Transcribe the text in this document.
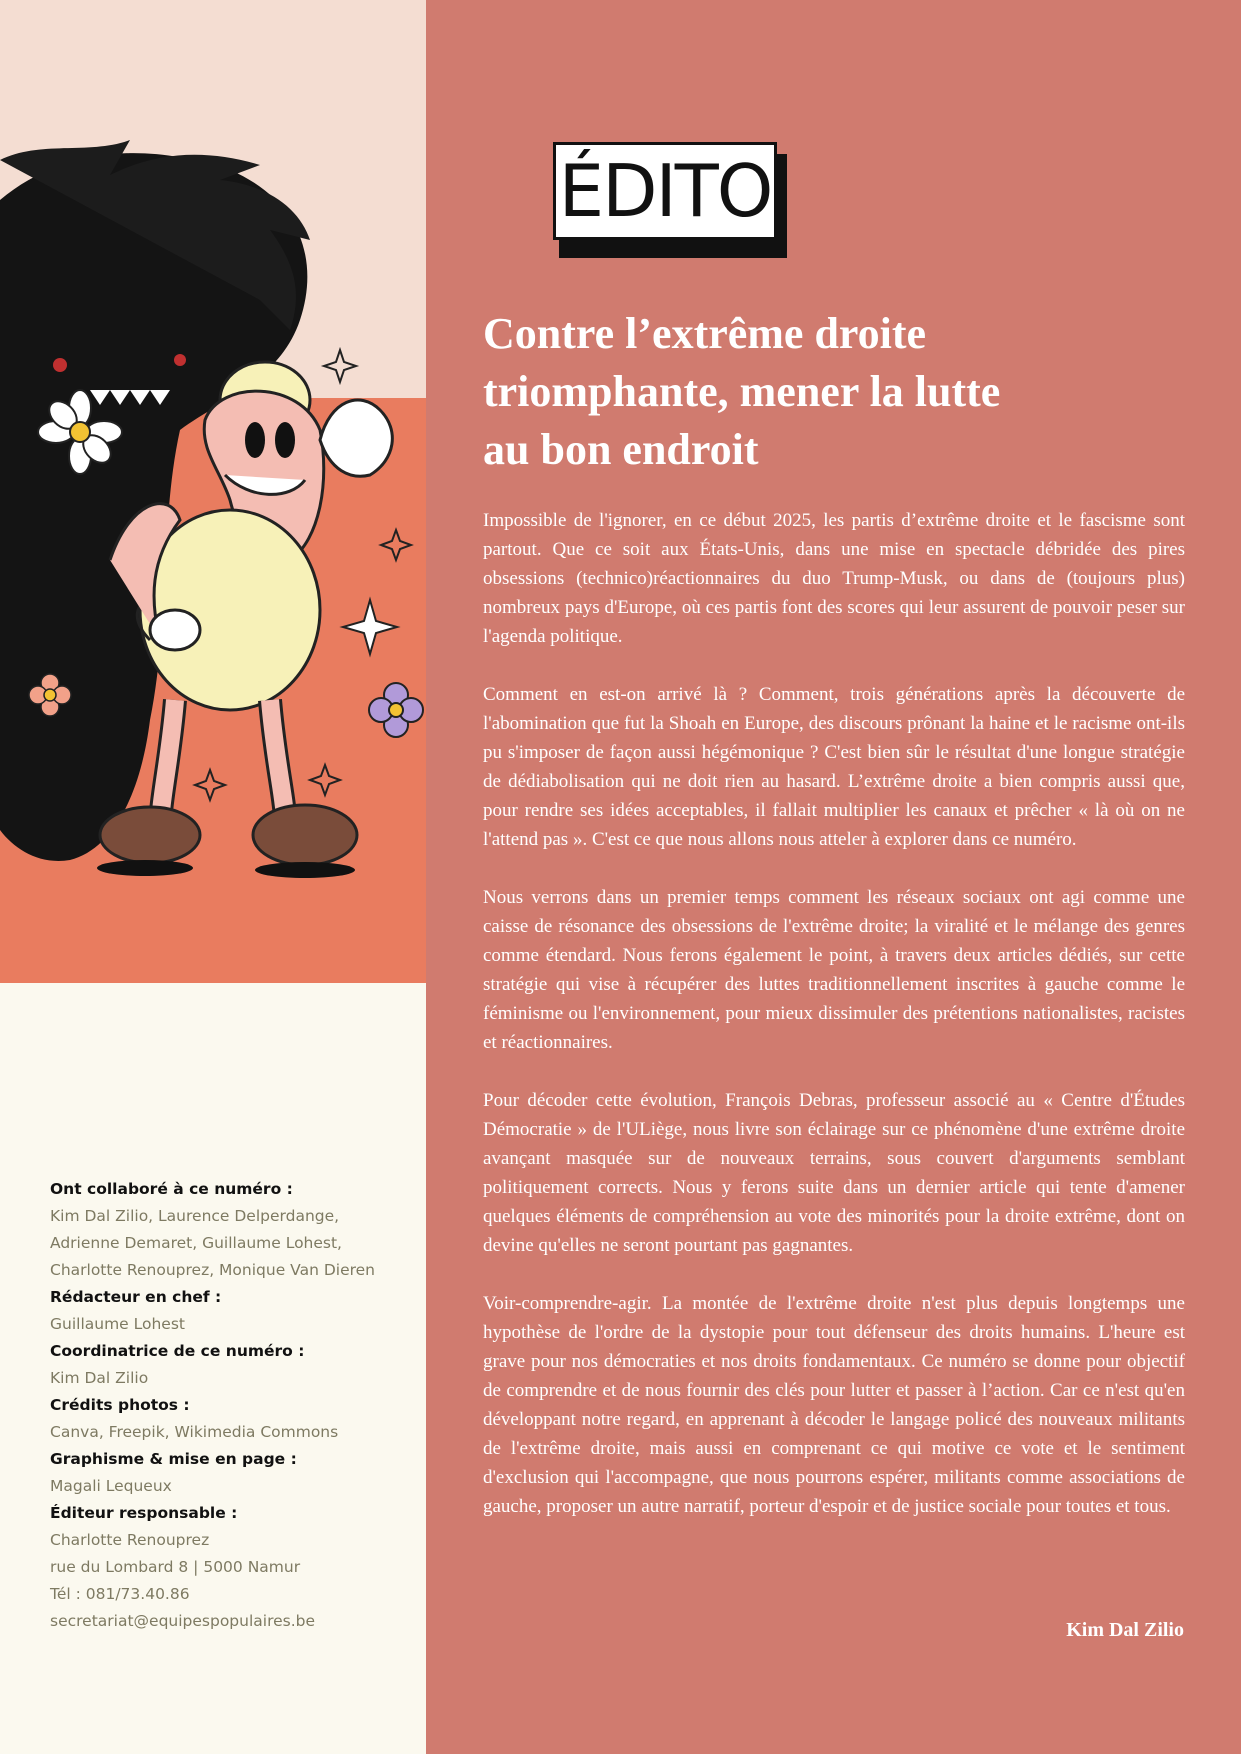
Ont collaboré à ce numéro :
Kim Dal Zilio, Laurence Delperdange,
Adrienne Demaret, Guillaume Lohest,
Charlotte Renouprez, Monique Van Dieren
Rédacteur en chef :
Guillaume Lohest
Coordinatrice de ce numéro :
Kim Dal Zilio
Crédits photos :
Canva, Freepik, Wikimedia Commons
Graphisme & mise en page :
Magali Lequeux
Éditeur responsable :
Charlotte Renouprez
rue du Lombard 8 | 5000 Namur
Tél : 081/73.40.86
secretariat@equipespopulaires.be
ÉDITO
Contre l’extrême droite
triomphante, mener la lutte
au bon endroit

Impossible de l'ignorer, en ce début 2025, les partis d’extrême droite et le fascisme sont partout. Que ce soit aux États-Unis, dans une mise en spectacle débridée des pires obsessions (technico)réactionnaires du duo Trump-Musk, ou dans de (toujours plus) nombreux pays d'Europe, où ces partis font des scores qui leur assurent de pouvoir peser sur l'agenda politique.

Comment en est-on arrivé là ? Comment, trois générations après la découverte de l'abomination que fut la Shoah en Europe, des discours prônant la haine et le racisme ont-ils pu s'imposer de façon aussi hégémonique ? C'est bien sûr le résultat d'une longue stratégie de dédiabolisation qui ne doit rien au hasard. L’extrême droite a bien compris aussi que, pour rendre ses idées acceptables, il fallait multiplier les canaux et prêcher « là où on ne l'attend pas ». C'est ce que nous allons nous atteler à explorer dans ce numéro.

Nous verrons dans un premier temps comment les réseaux sociaux ont agi comme une caisse de résonance des obsessions de l'extrême droite; la viralité et le mélange des genres comme étendard. Nous ferons également le point, à travers deux articles dédiés, sur cette stratégie qui vise à récupérer des luttes traditionnellement inscrites à gauche comme le féminisme ou l'environnement, pour mieux dissimuler des prétentions nationalistes, racistes et réactionnaires.

Pour décoder cette évolution, François Debras, professeur associé au « Centre d'Études Démocratie » de l'ULiège, nous livre son éclairage sur ce phénomène d'une extrême droite avançant masquée sur de nouveaux terrains, sous couvert d'arguments semblant politiquement corrects. Nous y ferons suite dans un dernier article qui tente d'amener quelques éléments de compréhension au vote des minorités pour la droite extrême, dont on devine qu'elles ne seront pourtant pas gagnantes.

Voir-comprendre-agir. La montée de l'extrême droite n'est plus depuis longtemps une hypothèse de l'ordre de la dystopie pour tout défenseur des droits humains. L'heure est grave pour nos démocraties et nos droits fondamentaux. Ce numéro se donne pour objectif de comprendre et de nous fournir des clés pour lutter et passer à l’action. Car ce n'est qu'en développant notre regard, en apprenant à décoder le langage policé des nouveaux militants de l'extrême droite, mais aussi en comprenant ce qui motive ce vote et le sentiment d'exclusion qui l'accompagne, que nous pourrons espérer, militants comme associations de gauche, proposer un autre narratif, porteur d'espoir et de justice sociale pour toutes et tous.

Kim Dal Zilio
